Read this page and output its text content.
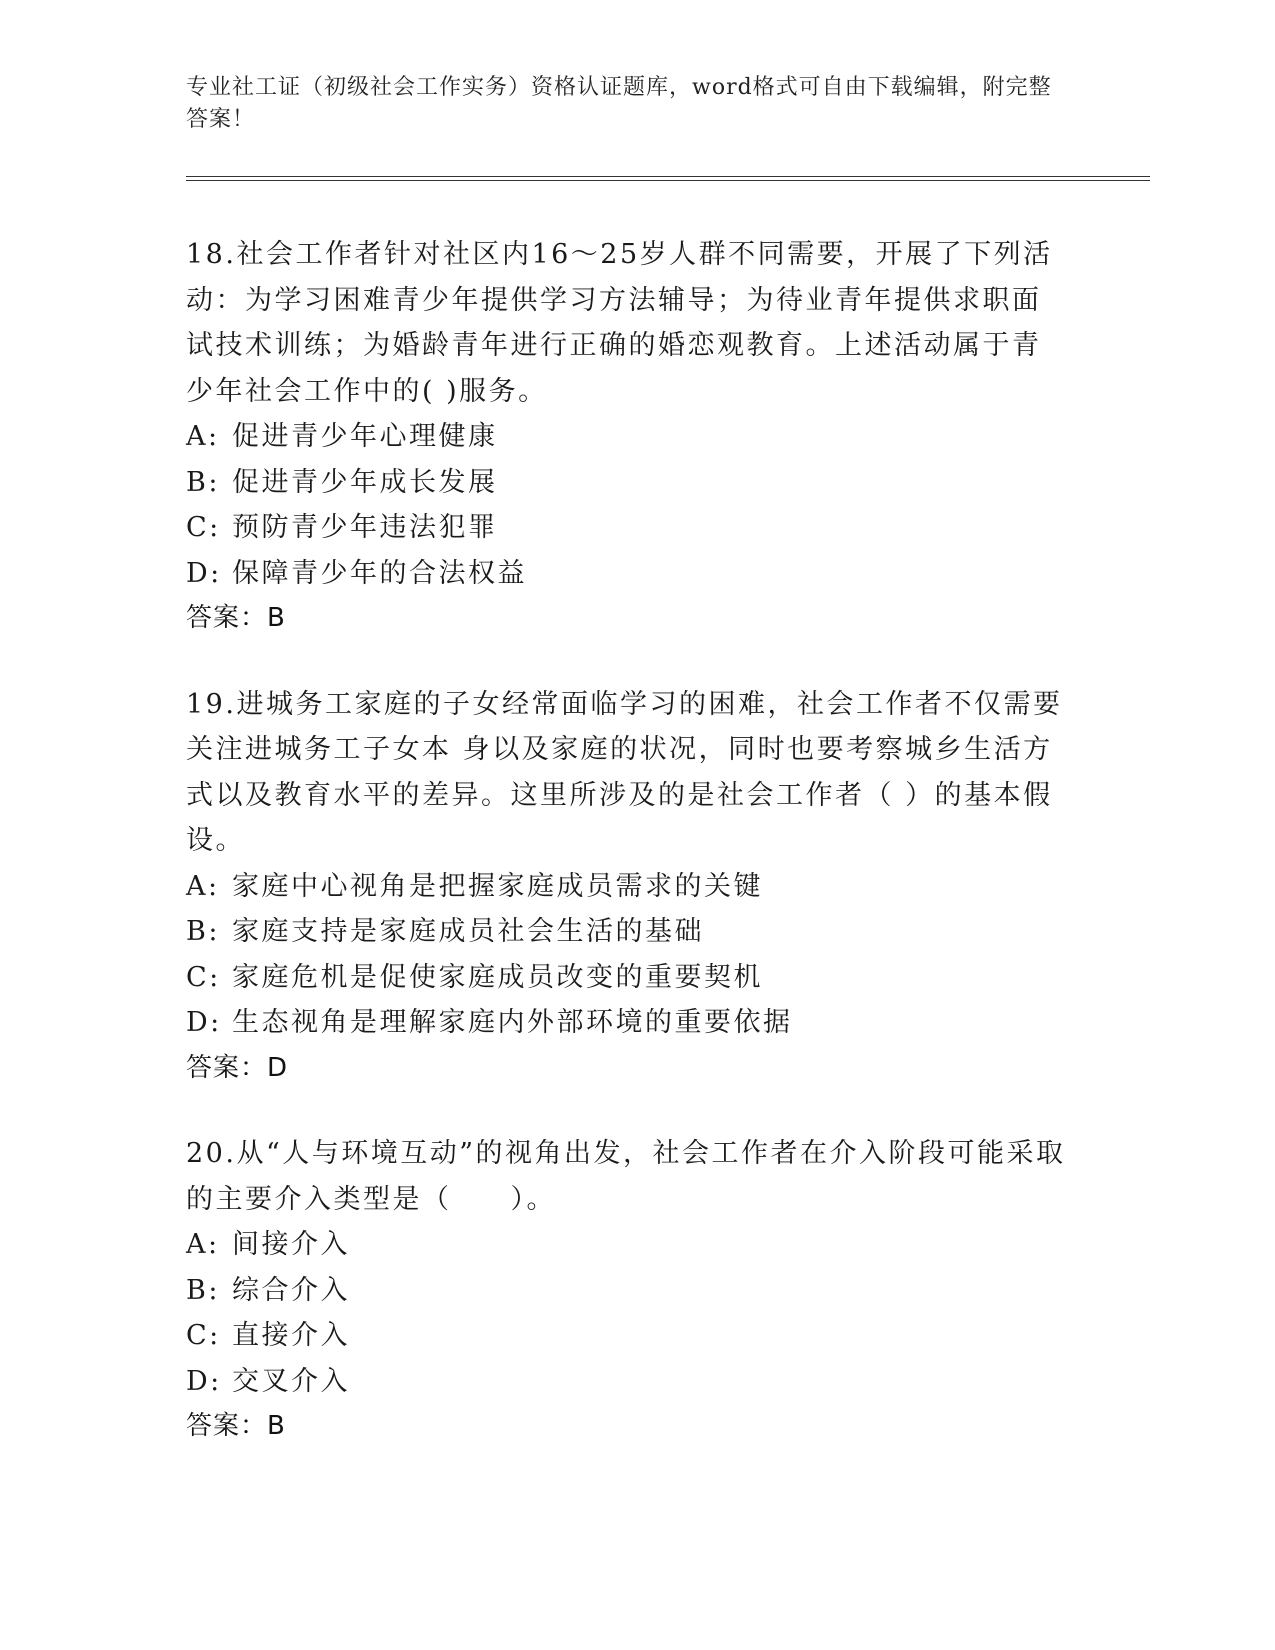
专业社工证（初级社会工作实务）资格认证题库，word格式可自由下载编辑，附完整答案！

18.社会工作者针对社区内16～25岁人群不同需要，开展了下列活动：为学习困难青少年提供学习方法辅导；为待业青年提供求职面试技术训练；为婚龄青年进行正确的婚恋观教育。上述活动属于青少年社会工作中的( )服务。

A: 促进青少年心理健康
B: 促进青少年成长发展
C: 预防青少年违法犯罪
D: 保障青少年的合法权益
答案：B

19.进城务工家庭的子女经常面临学习的困难，社会工作者不仅需要关注进城务工子女本 身以及家庭的状况，同时也要考察城乡生活方式以及教育水平的差异。这里所涉及的是社会工作者（ ）的基本假设。

A: 家庭中心视角是把握家庭成员需求的关键
B: 家庭支持是家庭成员社会生活的基础
C: 家庭危机是促使家庭成员改变的重要契机
D: 生态视角是理解家庭内外部环境的重要依据
答案：D

20.从“人与环境互动”的视角出发，社会工作者在介入阶段可能采取的主要介入类型是（　　）。

A: 间接介入
B: 综合介入
C: 直接介入
D: 交叉介入
答案：B
